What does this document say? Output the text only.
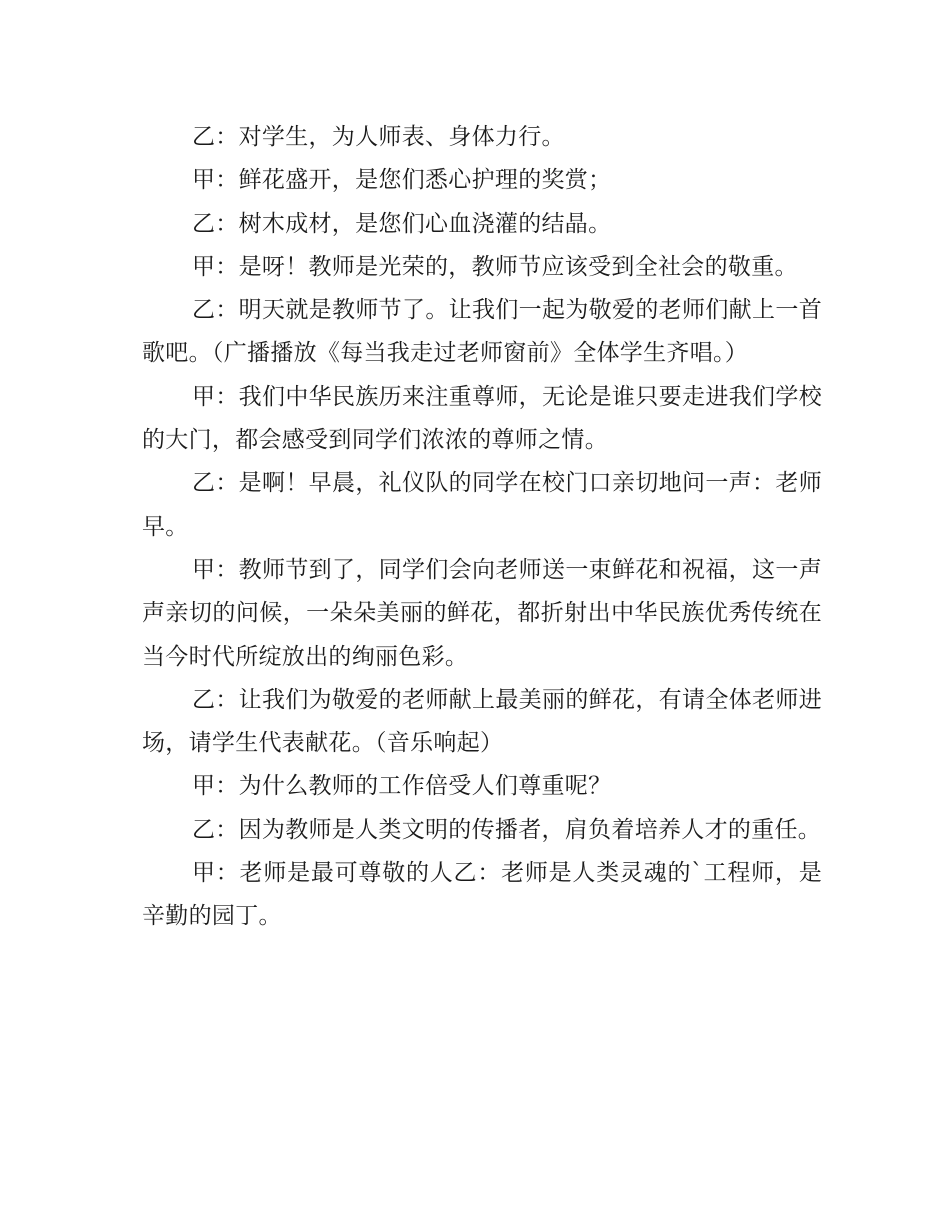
乙：对学生，为人师表、身体力行。

甲：鲜花盛开，是您们悉心护理的奖赏；

乙：树木成材，是您们心血浇灌的结晶。

甲：是呀！教师是光荣的，教师节应该受到全社会的敬重。

乙：明天就是教师节了。让我们一起为敬爱的老师们献上一首歌吧。（广播播放《每当我走过老师窗前》全体学生齐唱。）

甲：我们中华民族历来注重尊师，无论是谁只要走进我们学校的大门，都会感受到同学们浓浓的尊师之情。

乙：是啊！早晨，礼仪队的同学在校门口亲切地问一声：老师早。

甲：教师节到了，同学们会向老师送一束鲜花和祝福，这一声声亲切的问候，一朵朵美丽的鲜花，都折射出中华民族优秀传统在当今时代所绽放出的绚丽色彩。

乙：让我们为敬爱的老师献上最美丽的鲜花，有请全体老师进场，请学生代表献花。（音乐响起）

甲：为什么教师的工作倍受人们尊重呢？

乙：因为教师是人类文明的传播者，肩负着培养人才的重任。

甲：老师是最可尊敬的人乙：老师是人类灵魂的`工程师，是辛勤的园丁。
